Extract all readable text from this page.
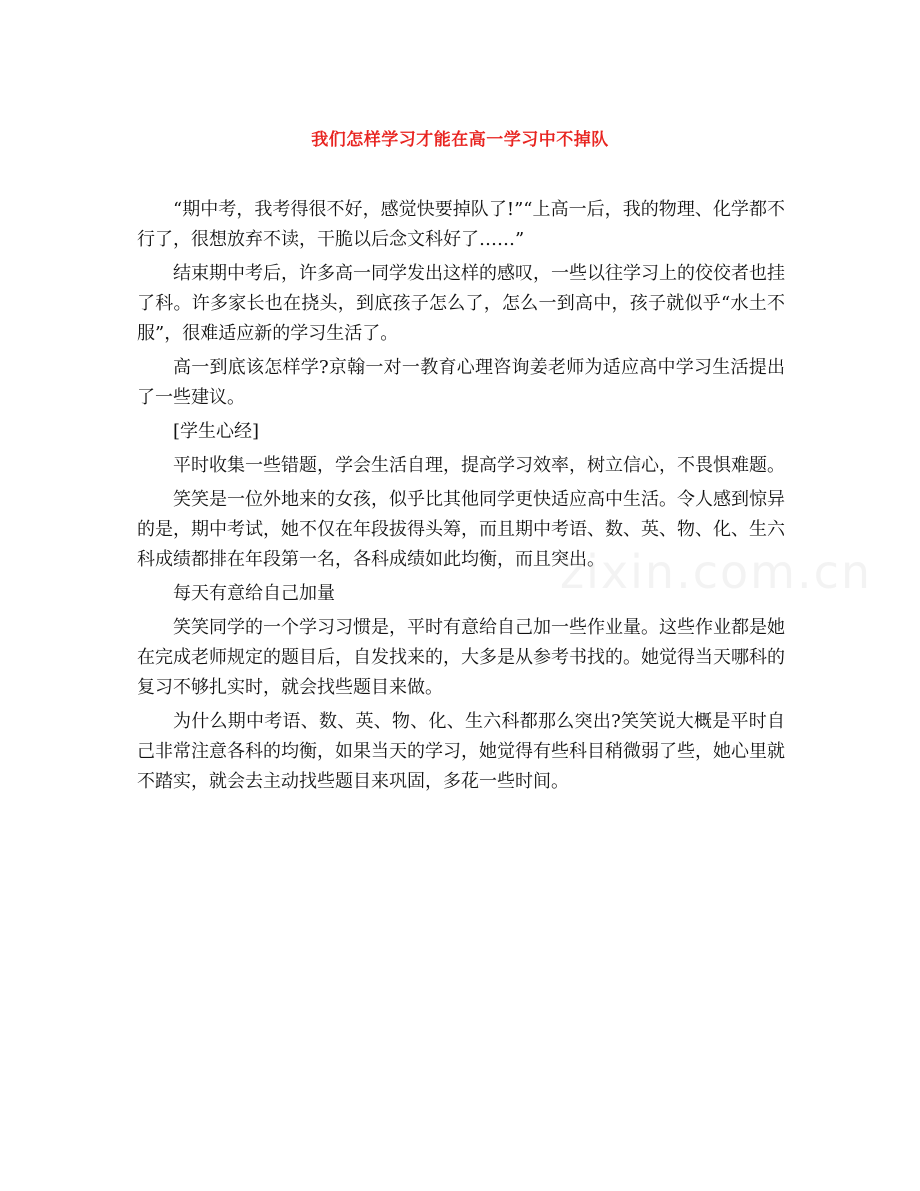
我们怎样学习才能在高一学习中不掉队

“期中考，我考得很不好，感觉快要掉队了!”“上高一后，我的物理、化学都不行了，很想放弃不读，干脆以后念文科好了……”

结束期中考后，许多高一同学发出这样的感叹，一些以往学习上的佼佼者也挂了科。许多家长也在挠头，到底孩子怎么了，怎么一到高中，孩子就似乎“水土不服”，很难适应新的学习生活了。

高一到底该怎样学?京翰一对一教育心理咨询姜老师为适应高中学习生活提出了一些建议。

[学生心经]

平时收集一些错题，学会生活自理，提高学习效率，树立信心，不畏惧难题。

笑笑是一位外地来的女孩，似乎比其他同学更快适应高中生活。令人感到惊异的是，期中考试，她不仅在年段拔得头筹，而且期中考语、数、英、物、化、生六科成绩都排在年段第一名，各科成绩如此均衡，而且突出。

每天有意给自己加量

笑笑同学的一个学习习惯是，平时有意给自己加一些作业量。这些作业都是她在完成老师规定的题目后，自发找来的，大多是从参考书找的。她觉得当天哪科的复习不够扎实时，就会找些题目来做。

为什么期中考语、数、英、物、化、生六科都那么突出?笑笑说大概是平时自己非常注意各科的均衡，如果当天的学习，她觉得有些科目稍微弱了些，她心里就不踏实，就会去主动找些题目来巩固，多花一些时间。

zixin.com.cn
